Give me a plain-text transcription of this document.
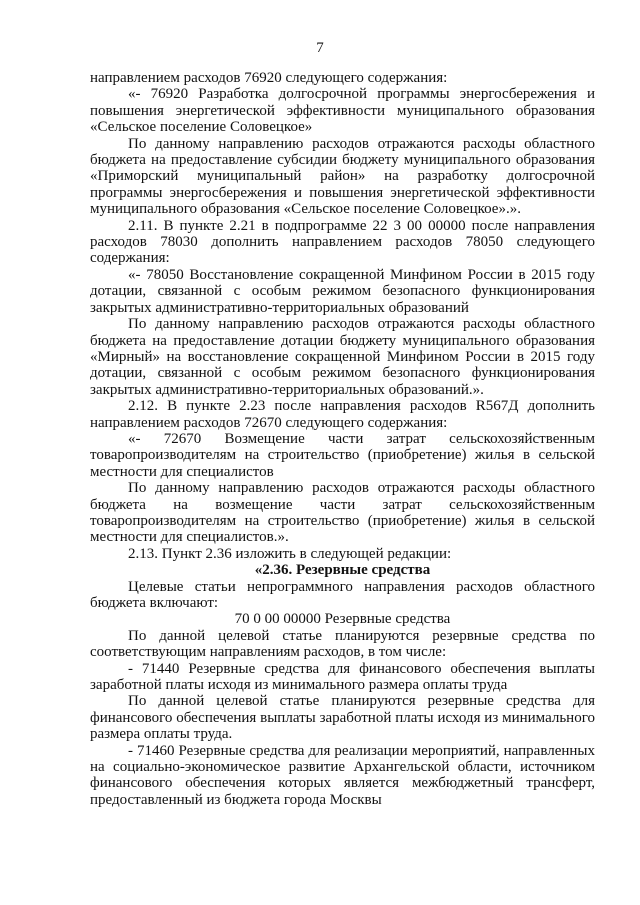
7

направлением расходов 76920 следующего содержания:

«- 76920 Разработка долгосрочной программы энергосбережения и повышения энергетической эффективности муниципального образования «Сельское поселение Соловецкое»

По данному направлению расходов отражаются расходы областного бюджета на предоставление субсидии бюджету муниципального образования «Приморский муниципальный район» на разработку долгосрочной программы энергосбережения и повышения энергетической эффективности муниципального образования «Сельское поселение Соловецкое».».

2.11. В пункте 2.21 в подпрограмме 22 3 00 00000 после направления расходов 78030 дополнить направлением расходов 78050 следующего содержания:

«- 78050 Восстановление сокращенной Минфином России в 2015 году дотации, связанной с особым режимом безопасного функционирования закрытых административно-территориальных образований

По данному направлению расходов отражаются расходы областного бюджета на предоставление дотации бюджету муниципального образования «Мирный» на восстановление сокращенной Минфином России в 2015 году дотации, связанной с особым режимом безопасного функционирования закрытых административно-территориальных образований.».

2.12. В пункте 2.23 после направления расходов R567Д дополнить направлением расходов 72670 следующего содержания:

«- 72670 Возмещение части затрат сельскохозяйственным товаропроизводителям на строительство (приобретение) жилья в сельской местности для специалистов

По данному направлению расходов отражаются расходы областного бюджета на возмещение части затрат сельскохозяйственным товаропроизводителям на строительство (приобретение) жилья в сельской местности для специалистов.».

2.13. Пункт 2.36 изложить в следующей редакции:

«2.36. Резервные средства

Целевые статьи непрограммного направления расходов областного бюджета включают:

70 0 00 00000 Резервные средства

По данной целевой статье планируются резервные средства по соответствующим направлениям расходов, в том числе:

- 71440 Резервные средства для финансового обеспечения выплаты заработной платы исходя из минимального размера оплаты труда

По данной целевой статье планируются резервные средства для финансового обеспечения выплаты заработной платы исходя из минимального размера оплаты труда.

- 71460 Резервные средства для реализации мероприятий, направленных на социально-экономическое развитие Архангельской области, источником финансового обеспечения которых является межбюджетный трансферт, предоставленный из бюджета города Москвы
